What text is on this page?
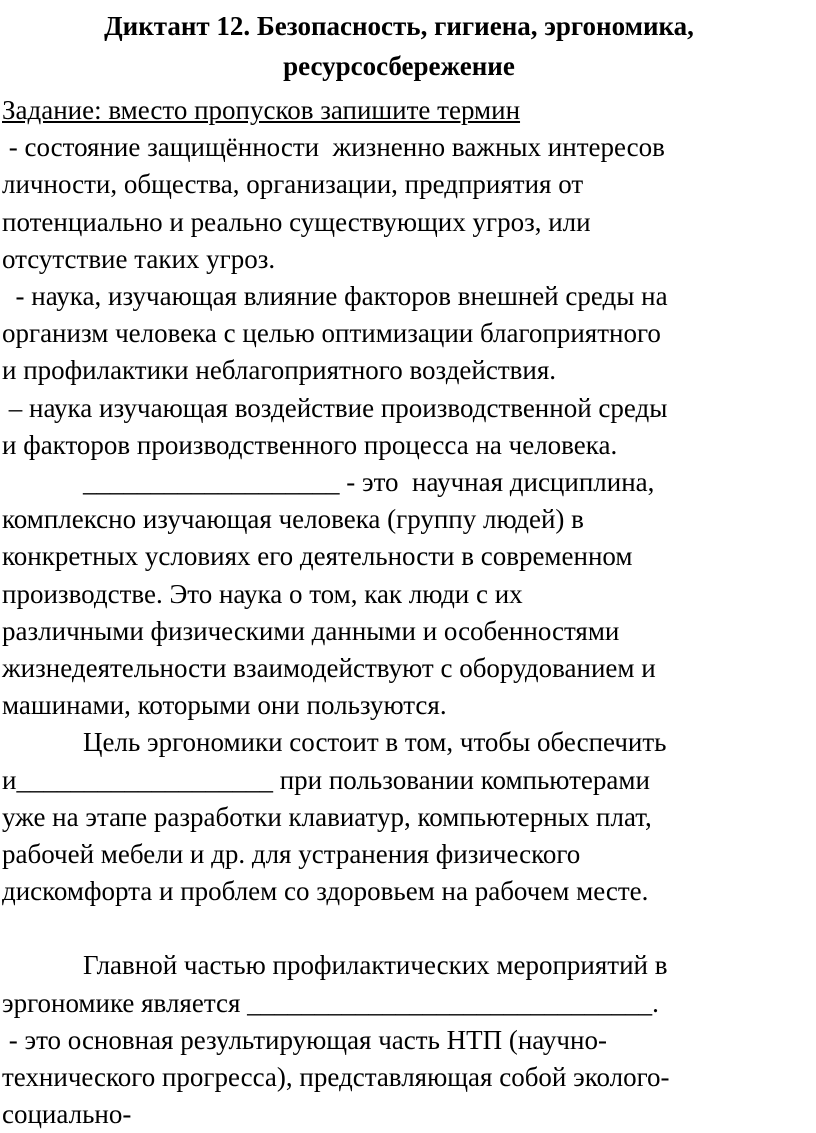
Диктант 12. Безопасность, гигиена, эргономика,
ресурсосбережение
Задание: вместо пропусков запишите термин
- состояние защищённости  жизненно важных интересов
личности, общества, организации, предприятия от
потенциально и реально существующих угроз, или
отсутствие таких угроз.
- наука, изучающая влияние факторов внешней среды на
организм человека с целью оптимизации благоприятного
и профилактики неблагоприятного воздействия.
– наука изучающая воздействие производственной среды
и факторов производственного процесса на человека.
___________________ - это  научная дисциплина,
комплексно изучающая человека (группу людей) в
конкретных условиях его деятельности в современном
производстве. Это наука о том, как люди с их
различными физическими данными и особенностями
жизнедеятельности взаимодействуют с оборудованием и
машинами, которыми они пользуются.
Цель эргономики состоит в том, чтобы обеспечить
и___________________ при пользовании компьютерами
уже на этапе разработки клавиатур, компьютерных плат,
рабочей мебели и др. для устранения физического
дискомфорта и проблем со здоровьем на рабочем месте.
Главной частью профилактических мероприятий в
эргономике является ______________________________.
- это основная результирующая часть НТП (научно-
технического прогресса), представляющая собой эколого-
социально-
